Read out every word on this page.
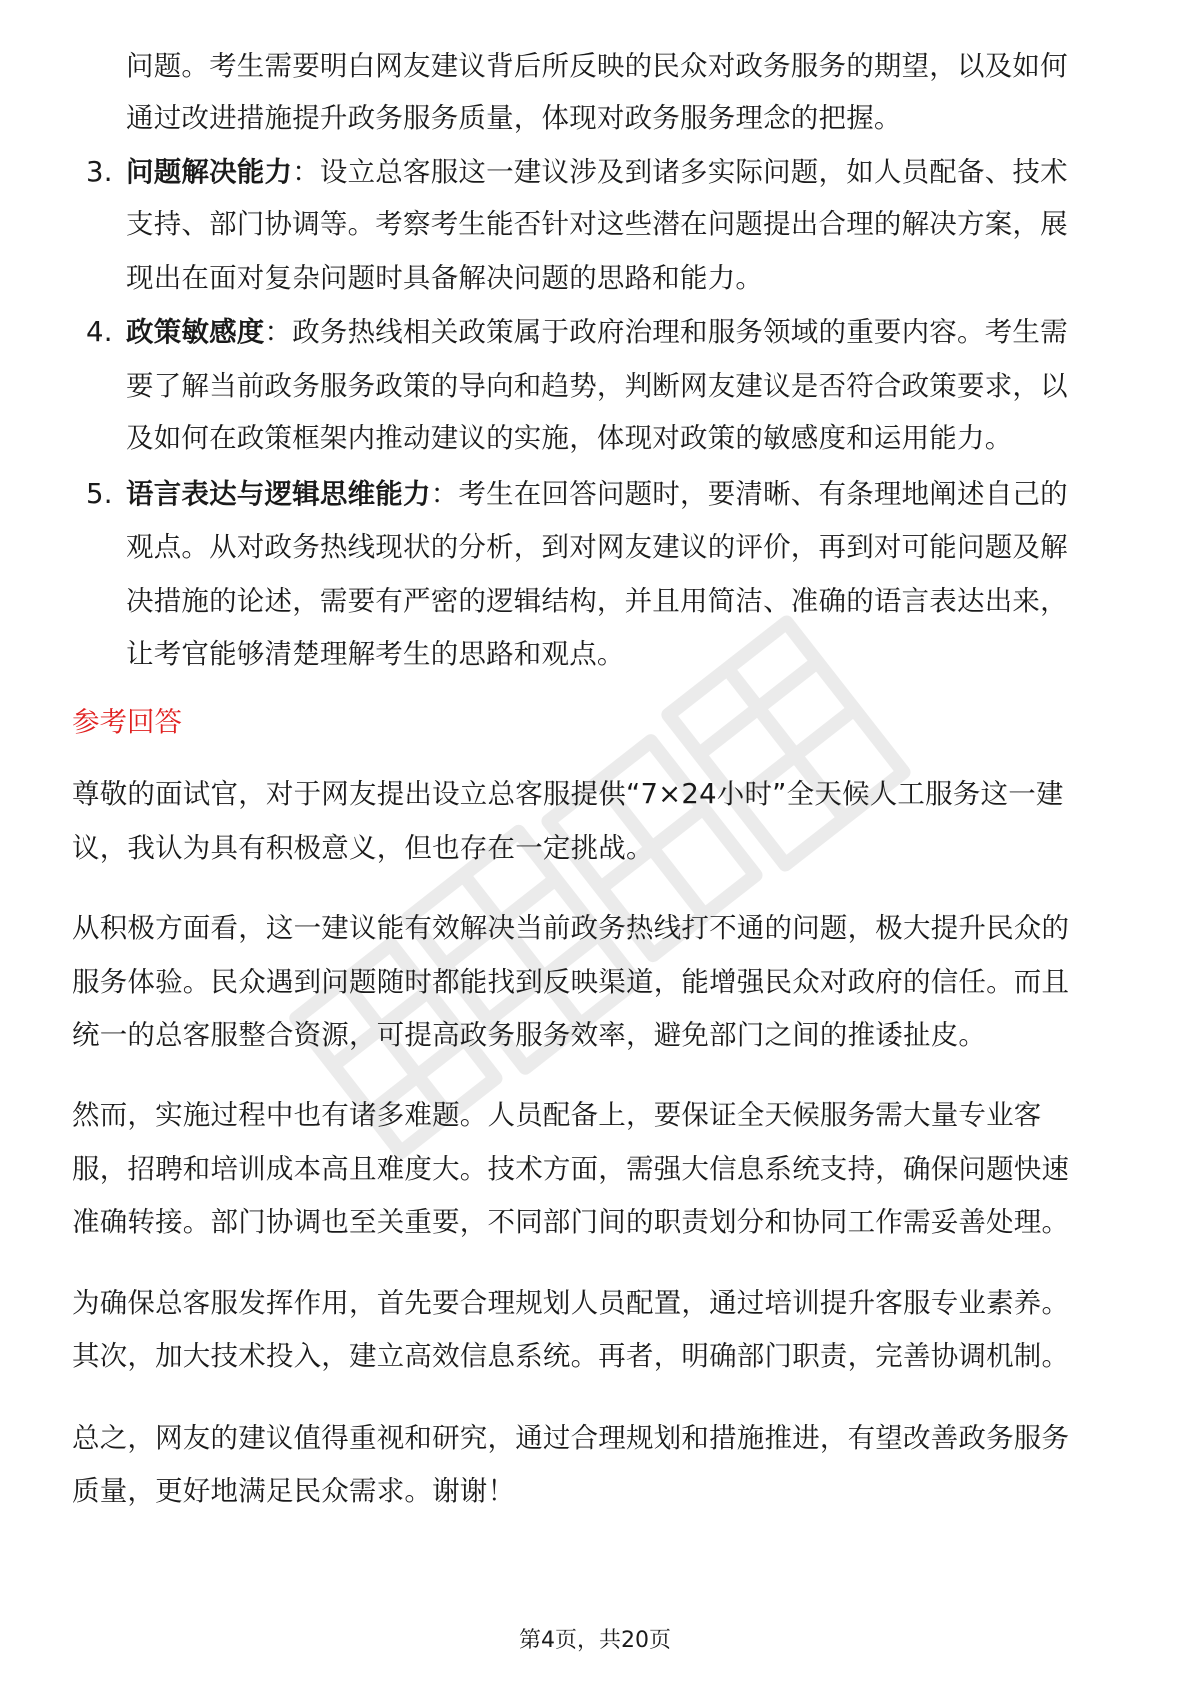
问题。考生需要明白网友建议背后所反映的民众对政务服务的期望，以及如何
通过改进措施提升政务服务质量，体现对政务服务理念的把握。
3. 问题解决能力：设立总客服这一建议涉及到诸多实际问题，如人员配备、技术
支持、部门协调等。考察考生能否针对这些潜在问题提出合理的解决方案，展
现出在面对复杂问题时具备解决问题的思路和能力。
4. 政策敏感度：政务热线相关政策属于政府治理和服务领域的重要内容。考生需
要了解当前政务服务政策的导向和趋势，判断网友建议是否符合政策要求，以
及如何在政策框架内推动建议的实施，体现对政策的敏感度和运用能力。
5. 语言表达与逻辑思维能力：考生在回答问题时，要清晰、有条理地阐述自己的
观点。从对政务热线现状的分析，到对网友建议的评价，再到对可能问题及解
决措施的论述，需要有严密的逻辑结构，并且用简洁、准确的语言表达出来，
让考官能够清楚理解考生的思路和观点。
参考回答
尊敬的面试官，对于网友提出设立总客服提供“7×24小时”全天候人工服务这一建
议，我认为具有积极意义，但也存在一定挑战。
从积极方面看，这一建议能有效解决当前政务热线打不通的问题，极大提升民众的
服务体验。民众遇到问题随时都能找到反映渠道，能增强民众对政府的信任。而且
统一的总客服整合资源，可提高政务服务效率，避免部门之间的推诿扯皮。
然而，实施过程中也有诸多难题。人员配备上，要保证全天候服务需大量专业客
服，招聘和培训成本高且难度大。技术方面，需强大信息系统支持，确保问题快速
准确转接。部门协调也至关重要，不同部门间的职责划分和协同工作需妥善处理。
为确保总客服发挥作用，首先要合理规划人员配置，通过培训提升客服专业素养。
其次，加大技术投入，建立高效信息系统。再者，明确部门职责，完善协调机制。
总之，网友的建议值得重视和研究，通过合理规划和措施推进，有望改善政务服务
质量，更好地满足民众需求。谢谢！
第4页，共20页
